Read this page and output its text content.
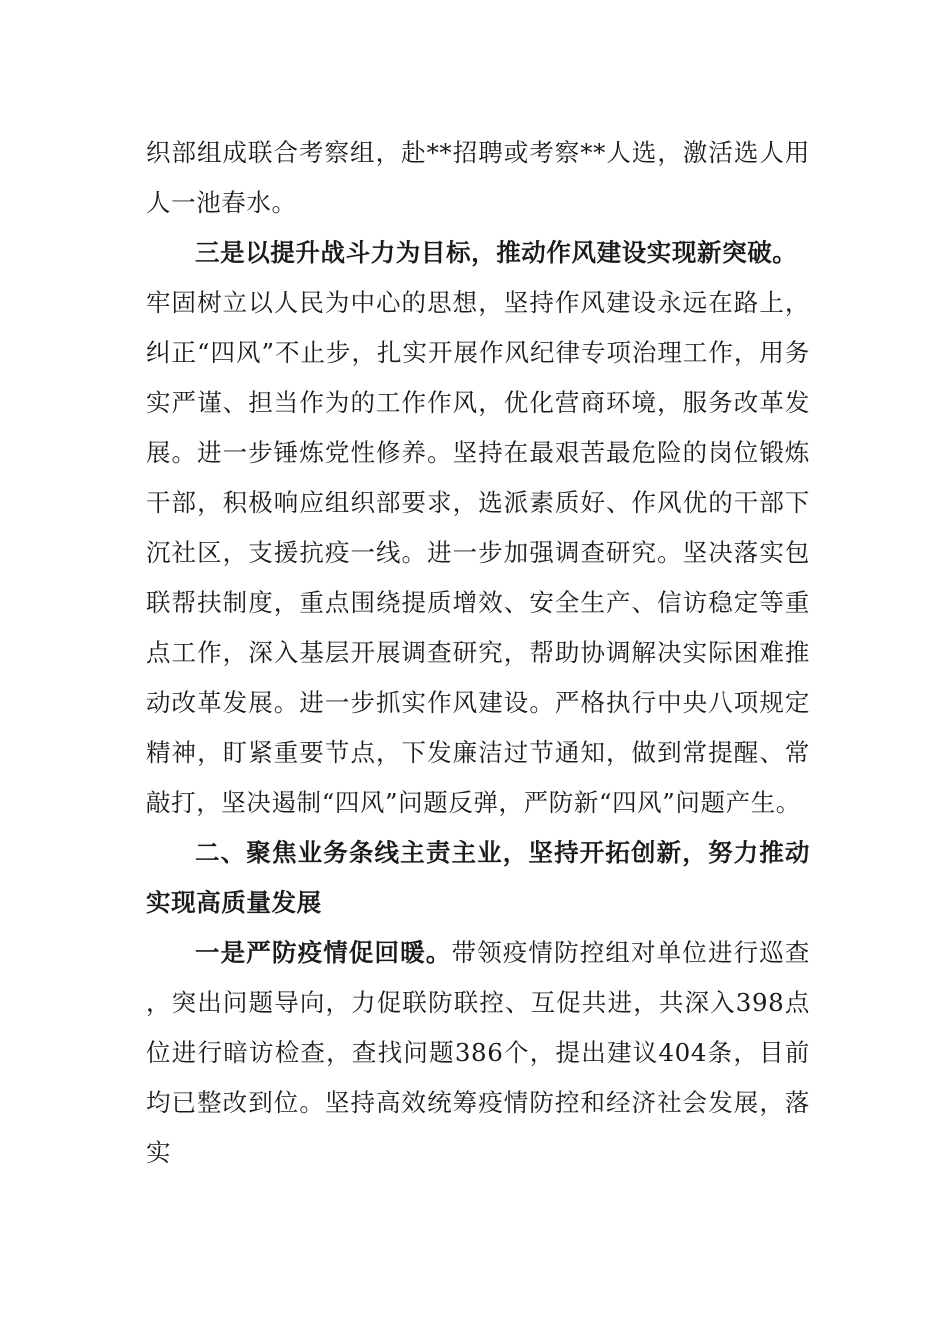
织部组成联合考察组，赴**招聘或考察**人选，激活选人用人一池春水。

三是以提升战斗力为目标，推动作风建设实现新突破。

牢固树立以人民为中心的思想，坚持作风建设永远在路上，纠正“四风”不止步，扎实开展作风纪律专项治理工作，用务实严谨、担当作为的工作作风，优化营商环境，服务改革发展。进一步锤炼党性修养。坚持在最艰苦最危险的岗位锻炼干部，积极响应组织部要求，选派素质好、作风优的干部下沉社区，支援抗疫一线。进一步加强调查研究。坚决落实包联帮扶制度，重点围绕提质增效、安全生产、信访稳定等重点工作，深入基层开展调查研究，帮助协调解决实际困难推动改革发展。进一步抓实作风建设。严格执行中央八项规定精神，盯紧重要节点，下发廉洁过节通知，做到常提醒、常敲打，坚决遏制“四风”问题反弹，严防新“四风”问题产生。

二、聚焦业务条线主责主业，坚持开拓创新，努力推动实现高质量发展

一是严防疫情促回暖。带领疫情防控组对单位进行巡查，突出问题导向，力促联防联控、互促共进，共深入398点位进行暗访检查，查找问题386个，提出建议404条，目前均已整改到位。坚持高效统筹疫情防控和经济社会发展，落实
